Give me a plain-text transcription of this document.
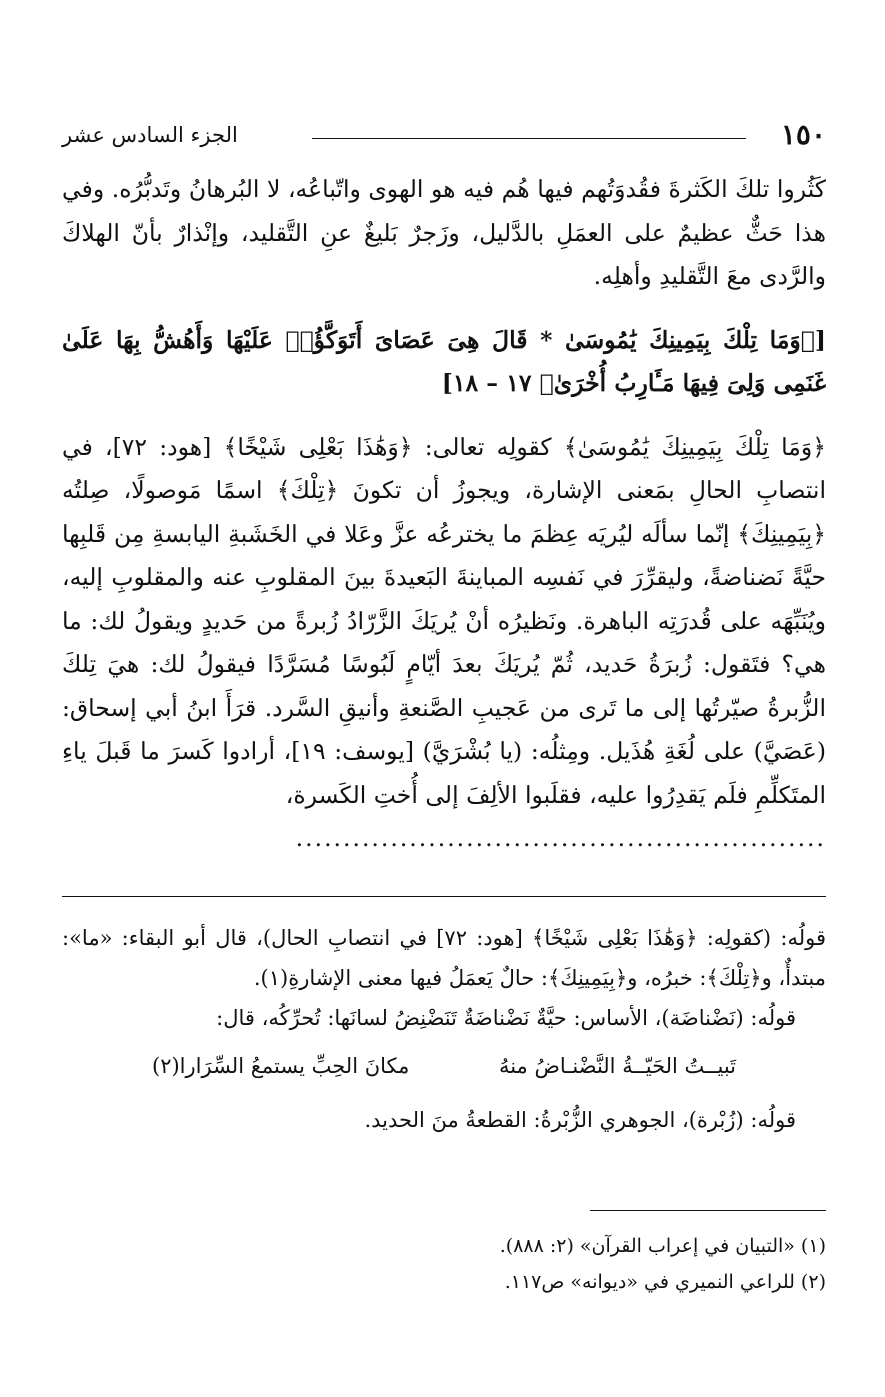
١٥٠
الجزء السادس عشر

كَثُروا تلكَ الكَثرةَ فقُدوَتُهم فيها هُم فيه هو الهوى واتّباعُه، لا البُرهانُ وتَدبُّرُه. وفي هذا حَثٌّ عظيمٌ على العمَلِ بالدَّليل، وزَجرٌ بَليغٌ عنِ التَّقليد، وإنْذارٌ بأنّ الهلاكَ والرَّدى معَ التَّقليدِ وأهلِه.

[﴿وَمَا تِلْكَ بِيَمِينِكَ يَٰمُوسَىٰ * قَالَ هِىَ عَصَاىَ أَتَوَكَّؤُا۟ عَلَيْهَا وَأَهُشُّ بِهَا عَلَىٰ غَنَمِى وَلِىَ فِيهَا مَـَٔارِبُ أُخْرَىٰ﴾ ١٧ – ١٨]

﴿وَمَا تِلْكَ بِيَمِينِكَ يَٰمُوسَىٰ﴾ كقولِه تعالى: ﴿وَهَٰذَا بَعْلِى شَيْخًا﴾ [هود: ٧٢]، في انتصابِ الحالِ بمَعنى الإشارة، ويجوزُ أن تكونَ ﴿تِلْكَ﴾ اسمًا مَوصولًا، صِلتُه ﴿بِيَمِينِكَ﴾ إنّما سألَه ليُريَه عِظمَ ما يخترعُه عزَّ وعَلا في الخَشَبةِ اليابسةِ مِن قَلبِها حيَّةً نَضناضةً، وليقرِّرَ في نَفسِه المباينةَ البَعيدةَ بينَ المقلوبِ عنه والمقلوبِ إليه، ويُنَبِّهَه على قُدرَتِه الباهرة. ونَظيرُه أنْ يُريَكَ الزَّرّادُ زُبرةً من حَديدٍ ويقولُ لك: ما هي؟ فتَقول: زُبرَةُ حَديد، ثُمّ يُريَكَ بعدَ أيّامٍ لَبُوسًا مُسَرَّدًا فيقولُ لك: هيَ تِلكَ الزُّبرةُ صيّرتُها إلى ما تَرى من عَجيبِ الصَّنعةِ وأنيقِ السَّرد. قرَأَ ابنُ أبي إسحاق: (عَصَيَّ) على لُغَةِ هُذَيل. ومِثلُه: (يا بُشْرَيَّ) [يوسف: ١٩]، أرادوا كَسرَ ما قَبلَ ياءِ المتَكلِّمِ فلَم يَقدِرُوا عليه، فقلَبوا الألِفَ إلى أُختِ الكَسرة،

........................................................

قولُه: (كقولِه: ﴿وَهَٰذَا بَعْلِى شَيْخًا﴾ [هود: ٧٢] في انتصابِ الحال)، قال أبو البقاء: «ما»: مبتدأٌ، و﴿تِلْكَ﴾: خبرُه، و﴿بِيَمِينِكَ﴾: حالٌ يَعمَلُ فيها معنى الإشارةِ(١).

قولُه: (نَضْناضَة)، الأساس: حيَّةٌ نَضْناضَةٌ تَنَضْنِضُ لسانَها: تُحرِّكُه، قال:

تَبيــتُ الحَيّــةُ النَّضْنـاضُ منهُ
مكانَ الحِبِّ يستمعُ السِّرَارا(٢)

قولُه: (زُبْرة)، الجوهري الزُّبْرةُ: القطعةُ منَ الحديد.

(١) «التبيان في إعراب القرآن» (٢: ٨٨٨).

(٢) للراعي النميري في «ديوانه» ص١١٧.
